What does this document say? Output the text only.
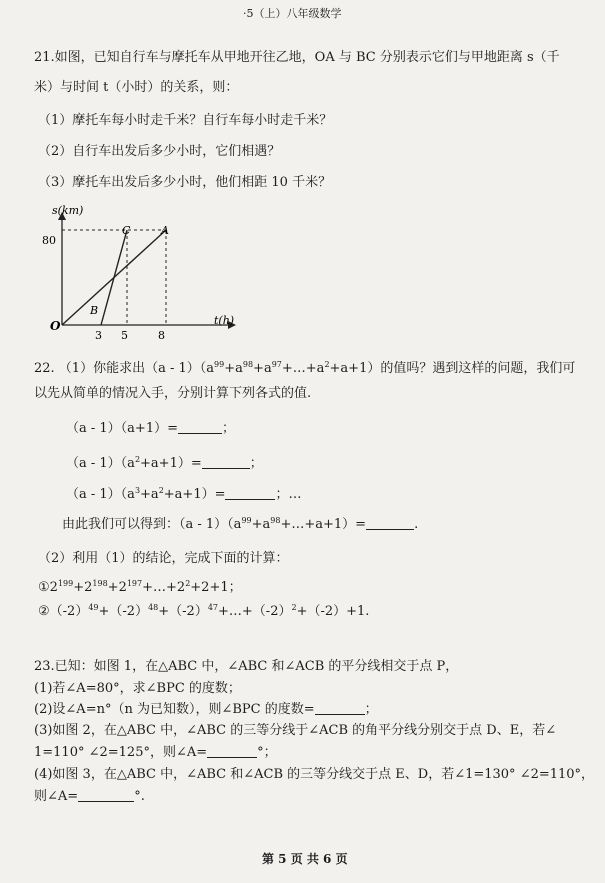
·5（上）八年级数学
21.如图，已知自行车与摩托车从甲地开往乙地，OA 与 BC 分别表示它们与甲地距离 s（千
米）与时间 t（小时）的关系，则：
（1）摩托车每小时走千米？自行车每小时走千米？
（2）自行车出发后多少小时，它们相遇？
（3）摩托车出发后多少小时，他们相距 10 千米？
s(km)
t(h)
O
80
3 5	8
A
B
C
22. （1）你能求出$(a - 1)(a^{99}+a^{98}+a^{97}+\dots+a^2+a+1)$的值吗？遇到这样的问题，我们可
以先从简单的情况入手，分别计算下列各式的值.
（a - 1）（a+1）=	；
$(a - 1)(a^2+a+1)=$	；
$(a - 1)(a^3+a^2+a+1)=$	；…
由此我们可以得到：$(a - 1)(a^{99}+a^{98}+\dots+a+1)=$	.
（2）利用（1）的结论，完成下面的计算：
$①2^{199}+2^{198}+2^{197}+\dots+2^2+2+1$；
$②(-2)^{49}+(-2)^{48}+(-2)^{47}+\dots+(-2)^2+(-2)+1$.
23.已知：如图 1，在△ABC 中，∠ABC 和∠ACB 的平分线相交于点 P，
(1)若∠A=80°，求∠BPC 的度数；
(2)设∠A=n°（n 为已知数），则∠BPC 的度数=	；
(3)如图 2，在△ABC 中，∠ABC 的三等分线于∠ACB 的角平分线分别交于点 D、E，若∠
1=110° ∠2=125°，则∠A=	°；
(4)如图 3，在△ABC 中，∠ABC 和∠ACB 的三等分线交于点 E、D，若∠1=130° ∠2=110°，
则∠A=	°.
第 5 页 共 6 页
